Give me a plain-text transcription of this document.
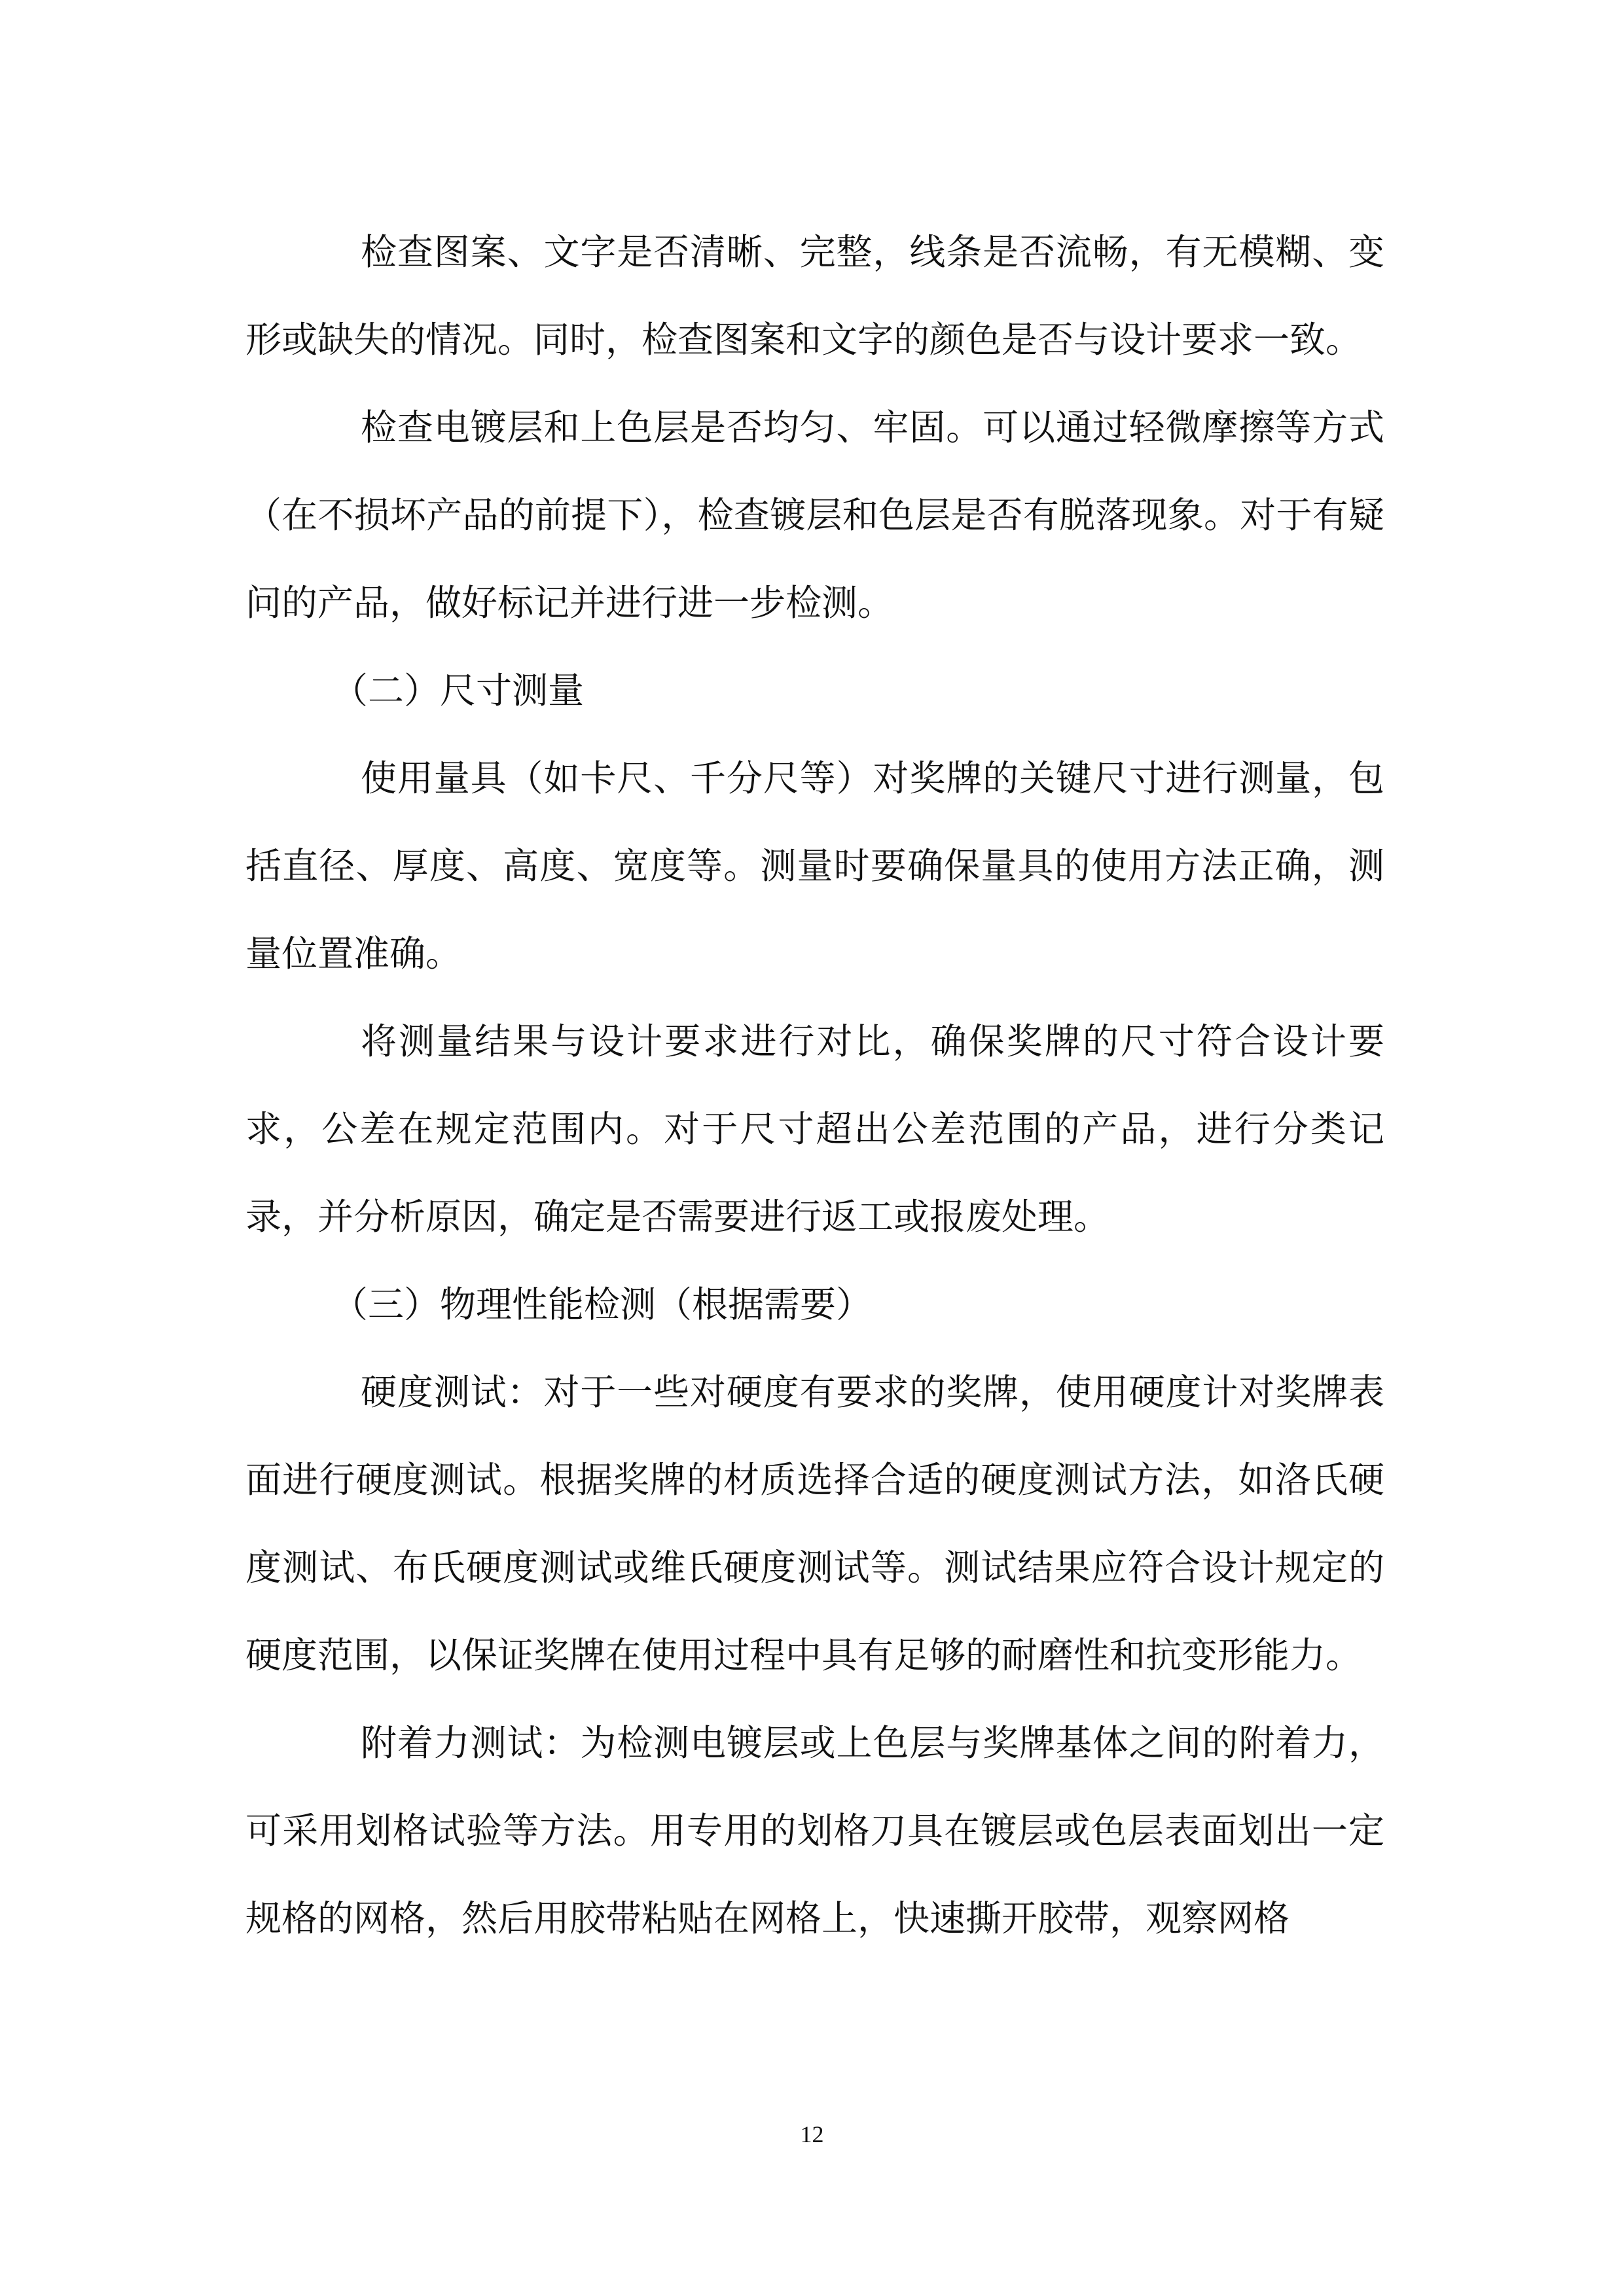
检查图案、文字是否清晰、完整，线条是否流畅，有无模糊、变形或缺失的情况。同时，检查图案和文字的颜色是否与设计要求一致。

检查电镀层和上色层是否均匀、牢固。可以通过轻微摩擦等方式（在不损坏产品的前提下），检查镀层和色层是否有脱落现象。对于有疑问的产品，做好标记并进行进一步检测。

（二）尺寸测量

使用量具（如卡尺、千分尺等）对奖牌的关键尺寸进行测量，包括直径、厚度、高度、宽度等。测量时要确保量具的使用方法正确，测量位置准确。

将测量结果与设计要求进行对比，确保奖牌的尺寸符合设计要求，公差在规定范围内。对于尺寸超出公差范围的产品，进行分类记录，并分析原因，确定是否需要进行返工或报废处理。

（三）物理性能检测（根据需要）

硬度测试：对于一些对硬度有要求的奖牌，使用硬度计对奖牌表面进行硬度测试。根据奖牌的材质选择合适的硬度测试方法，如洛氏硬度测试、布氏硬度测试或维氏硬度测试等。测试结果应符合设计规定的硬度范围，以保证奖牌在使用过程中具有足够的耐磨性和抗变形能力。

附着力测试：为检测电镀层或上色层与奖牌基体之间的附着力，可采用划格试验等方法。用专用的划格刀具在镀层或色层表面划出一定规格的网格，然后用胶带粘贴在网格上，快速撕开胶带，观察网格

12
